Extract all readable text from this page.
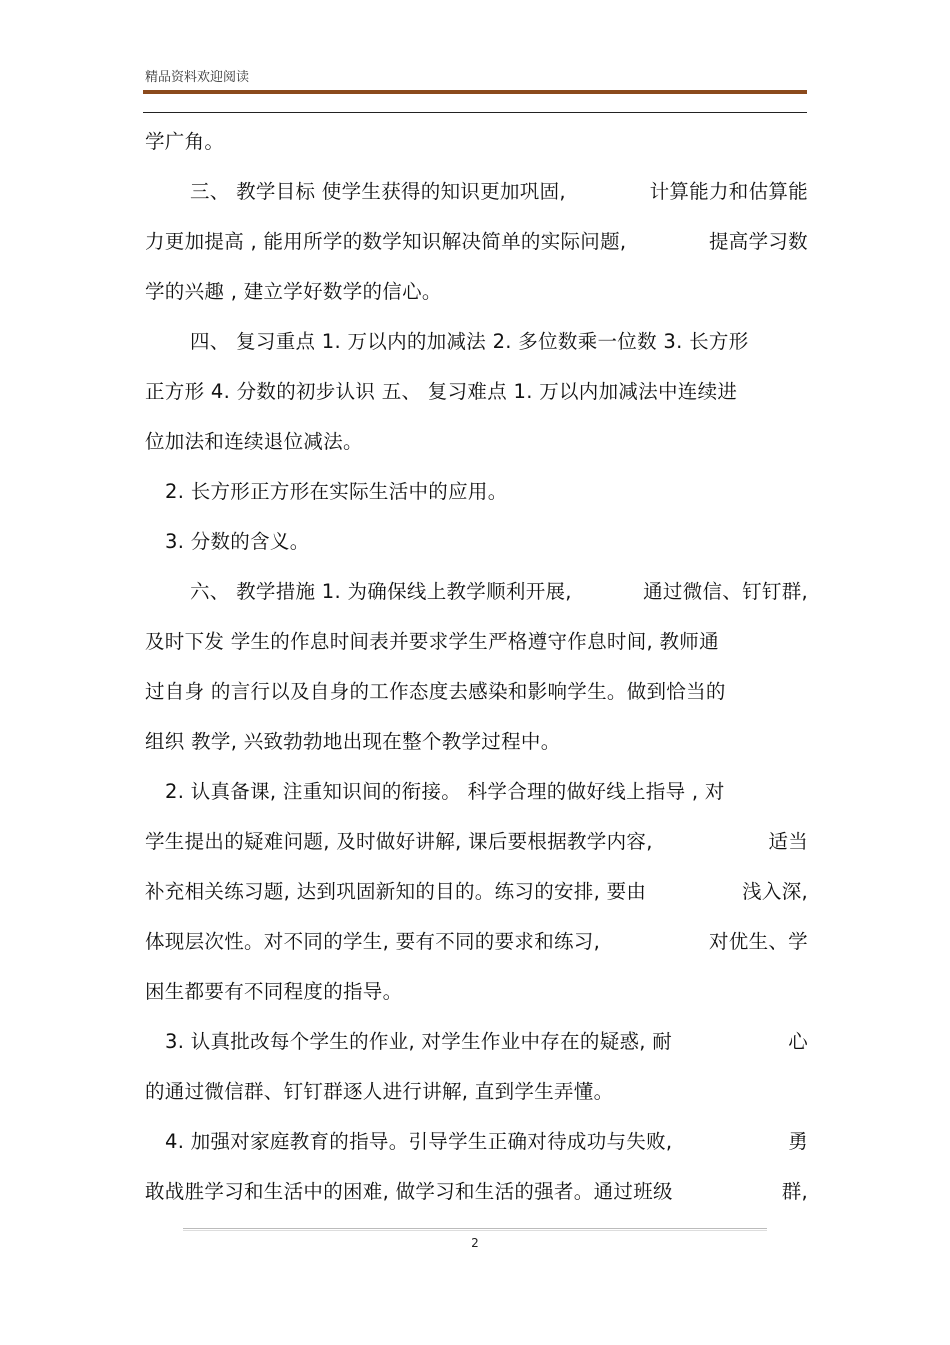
精品资料欢迎阅读
学广角。
三、 教学目标 使学生获得的知识更加巩固,	计算能力和估算能
力更加提高 , 能用所学的数学知识解决简单的实际问题,	提高学习数
学的兴趣 , 建立学好数学的信心。
四、 复习重点 1. 万以内的加减法 2. 多位数乘一位数 3. 长方形
正方形 4. 分数的初步认识 五、 复习难点 1. 万以内加减法中连续进
位加法和连续退位减法。
2. 长方形正方形在实际生活中的应用。
3. 分数的含义。
六、 教学措施 1. 为确保线上教学顺利开展,	通过微信、钉钉群,
及时下发 学生的作息时间表并要求学生严格遵守作息时间, 教师通
过自身 的言行以及自身的工作态度去感染和影响学生。做到恰当的
组织 教学, 兴致勃勃地出现在整个教学过程中。
2. 认真备课, 注重知识间的衔接。 科学合理的做好线上指导 , 对
学生提出的疑难问题, 及时做好讲解, 课后要根据教学内容,	适当
补充相关练习题, 达到巩固新知的目的。练习的安排, 要由	浅入深,
体现层次性。对不同的学生, 要有不同的要求和练习,	对优生、学
困生都要有不同程度的指导。
3. 认真批改每个学生的作业, 对学生作业中存在的疑惑, 耐	心
的通过微信群、钉钉群逐人进行讲解, 直到学生弄懂。
4. 加强对家庭教育的指导。引导学生正确对待成功与失败,	勇
敢战胜学习和生活中的困难, 做学习和生活的强者。通过班级	群,
2
